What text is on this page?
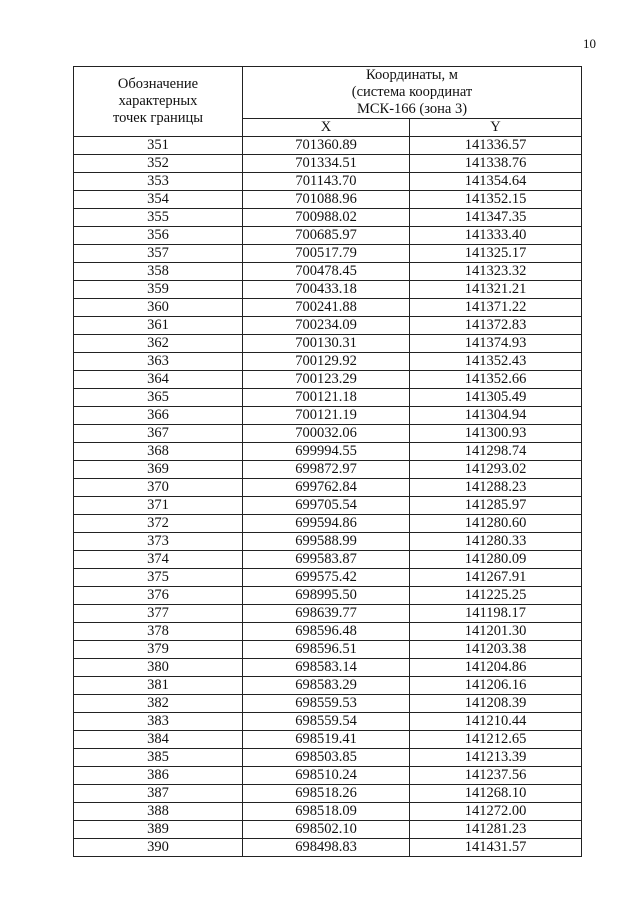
10
Обозначение
характерных
точек границы	Координаты, м
(система координат
МСК-166 (зона 3)	

	X	Y
351	701360.89	141336.57
352	701334.51	141338.76
353	701143.70	141354.64
354	701088.96	141352.15
355	700988.02	141347.35
356	700685.97	141333.40
357	700517.79	141325.17
358	700478.45	141323.32
359	700433.18	141321.21
360	700241.88	141371.22
361	700234.09	141372.83
362	700130.31	141374.93
363	700129.92	141352.43
364	700123.29	141352.66
365	700121.18	141305.49
366	700121.19	141304.94
367	700032.06	141300.93
368	699994.55	141298.74
369	699872.97	141293.02
370	699762.84	141288.23
371	699705.54	141285.97
372	699594.86	141280.60
373	699588.99	141280.33
374	699583.87	141280.09
375	699575.42	141267.91
376	698995.50	141225.25
377	698639.77	141198.17
378	698596.48	141201.30
379	698596.51	141203.38
380	698583.14	141204.86
381	698583.29	141206.16
382	698559.53	141208.39
383	698559.54	141210.44
384	698519.41	141212.65
385	698503.85	141213.39
386	698510.24	141237.56
387	698518.26	141268.10
388	698518.09	141272.00
389	698502.10	141281.23
390	698498.83	141431.57
